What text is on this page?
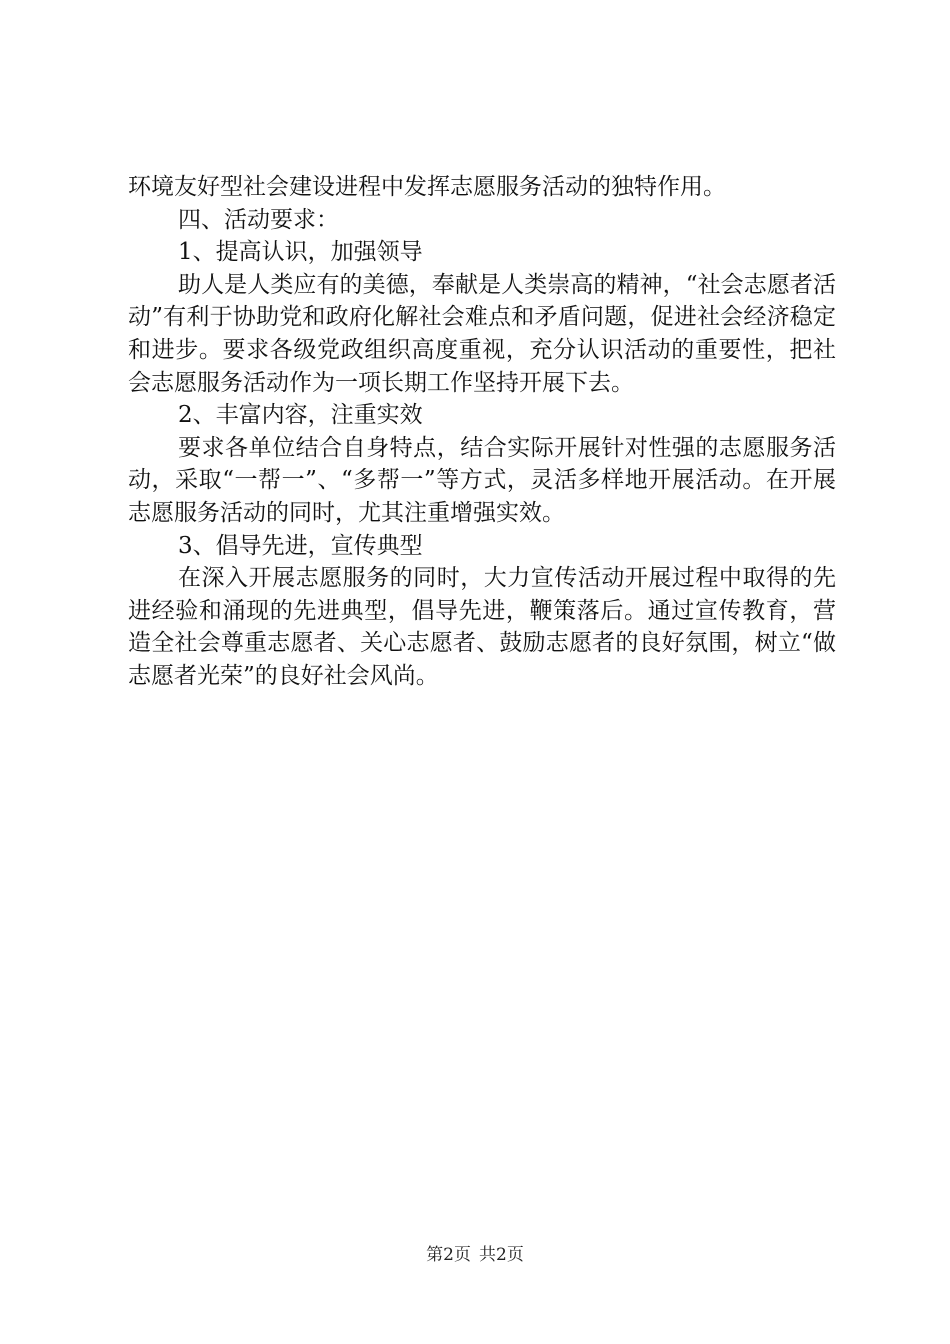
环境友好型社会建设进程中发挥志愿服务活动的独特作用。

四、活动要求：

1、提高认识，加强领导

助人是人类应有的美德，奉献是人类崇高的精神，“社会志愿者活动”有利于协助党和政府化解社会难点和矛盾问题，促进社会经济稳定和进步。要求各级党政组织高度重视，充分认识活动的重要性，把社会志愿服务活动作为一项长期工作坚持开展下去。

2、丰富内容，注重实效

要求各单位结合自身特点，结合实际开展针对性强的志愿服务活动，采取“一帮一”、“多帮一”等方式，灵活多样地开展活动。在开展志愿服务活动的同时，尤其注重增强实效。

3、倡导先进，宣传典型

在深入开展志愿服务的同时，大力宣传活动开展过程中取得的先进经验和涌现的先进典型，倡导先进，鞭策落后。通过宣传教育，营造全社会尊重志愿者、关心志愿者、鼓励志愿者的良好氛围，树立“做志愿者光荣”的良好社会风尚。

第2页 共2页
